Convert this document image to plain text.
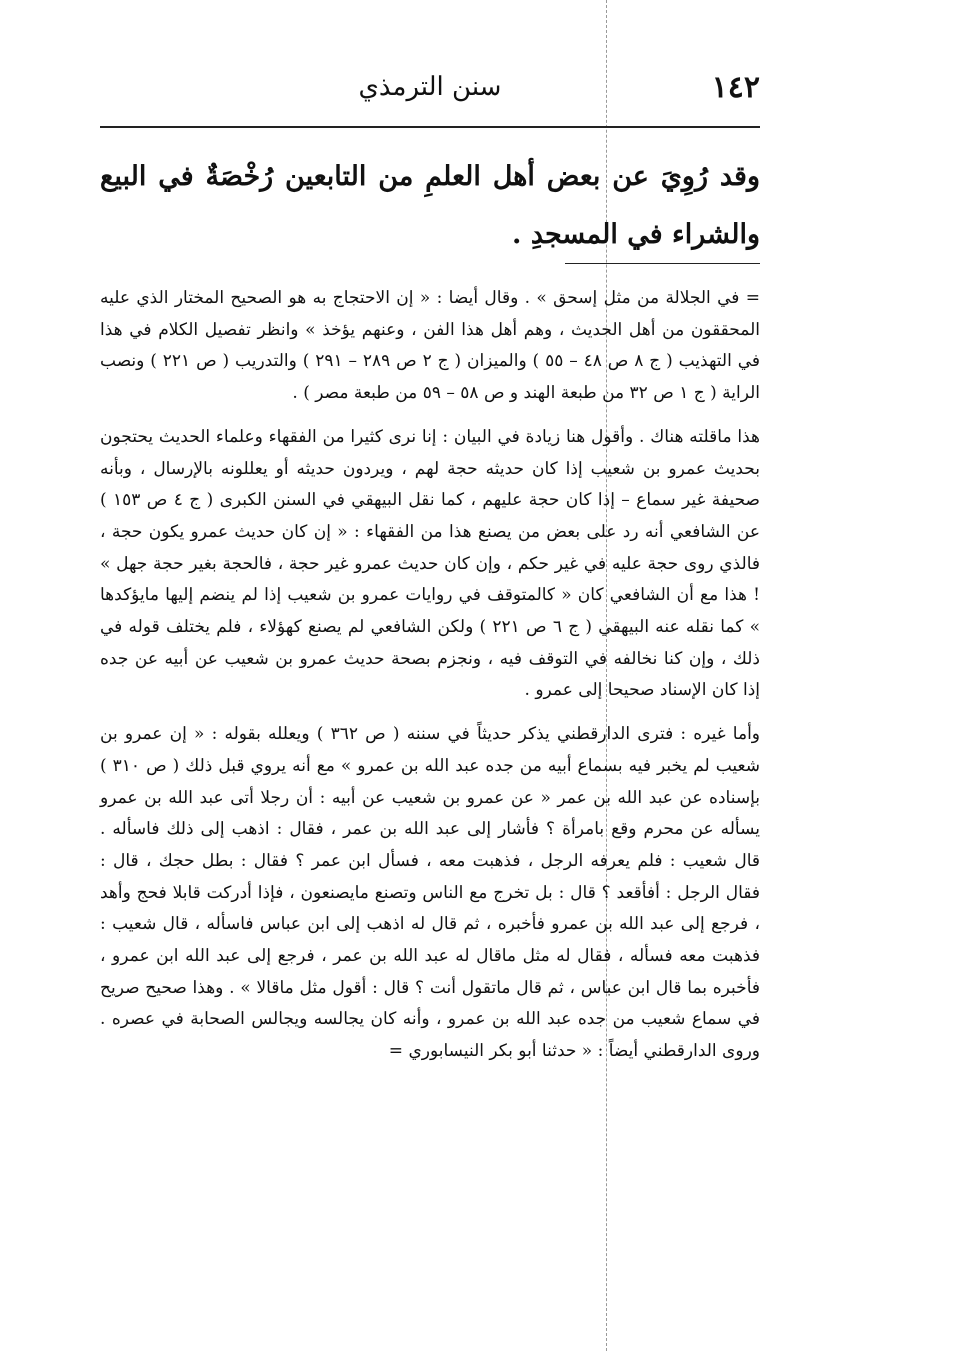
١٤٢
سنن الترمذي

وقد رُوِيَ عن بعض أهل العلمِ من التابعين رُخْصَةٌ في البيع والشراء في المسجدِ .

= في الجلالة من مثل إسحق » . وقال أيضا : « إن الاحتجاج به هو الصحيح المختار الذي عليه المحققون من أهل الحديث ، وهم أهل هذا الفن ، وعنهم يؤخذ » وانظر تفصيل الكلام في هذا في التهذيب ( ج ٨ ص ٤٨ – ٥٥ ) والميزان ( ج ٢ ص ٢٨٩ – ٢٩١ ) والتدريب ( ص ٢٢١ ) ونصب الراية ( ج ١ ص ٣٢ من طبعة الهند و ص ٥٨ – ٥٩ من طبعة مصر ) .

هذا ماقلته هناك . وأقول هنا زيادة في البيان : إنا نرى كثيرا من الفقهاء وعلماء الحديث يحتجون بحديث عمرو بن شعيب إذا كان حديثه حجة لهم ، ويردون حديثه أو يعللونه بالإرسال ، وبأنه صحيفة غير سماع – إذا كان حجة عليهم ، كما نقل البيهقي في السنن الكبرى ( ج ٤ ص ١٥٣ ) عن الشافعي أنه رد على بعض من يصنع هذا من الفقهاء : « إن كان حديث عمرو يكون حجة ، فالذي روى حجة عليه في غير حكم ، وإن كان حديث عمرو غير حجة ، فالحجة بغير حجة جهل » ! هذا مع أن الشافعي كان « كالمتوقف في روايات عمرو بن شعيب إذا لم ينضم إليها مايؤكدها » كما نقله عنه البيهقي ( ج ٦ ص ٢٢١ ) ولكن الشافعي لم يصنع كهؤلاء ، فلم يختلف قوله في ذلك ، وإن كنا نخالفه في التوقف فيه ، ونجزم بصحة حديث عمرو بن شعيب عن أبيه عن جده إذا كان الإسناد صحيحا إلى عمرو .

وأما غيره : فترى الدارقطني يذكر حديثاً في سننه ( ص ٣٦٢ ) ويعلله بقوله : « إن عمرو بن شعيب لم يخبر فيه بسماع أبيه من جده عبد الله بن عمرو » مع أنه يروي قبل ذلك ( ص ٣١٠ ) بإسناده عن عبد الله بن عمر « عن عمرو بن شعيب عن أبيه : أن رجلا أتى عبد الله بن عمرو يسأله عن محرم وقع بامرأة ؟ فأشار إلى عبد الله بن عمر ، فقال : اذهب إلى ذلك فاسأله . قال شعيب : فلم يعرفه الرجل ، فذهبت معه ، فسأل ابن عمر ؟ فقال : بطل حجك ، قال : فقال الرجل : أفأقعد ؟ قال : بل تخرج مع الناس وتصنع مايصنعون ، فإذا أدركت قابلا فحج وأهد ، فرجع إلى عبد الله بن عمرو فأخبره ، ثم قال له اذهب إلى ابن عباس فاسأله ، قال شعيب : فذهبت معه فسأله ، فقال له مثل ماقال له عبد الله بن عمر ، فرجع إلى عبد الله ابن عمرو ، فأخبره بما قال ابن عباس ، ثم قال ماتقول أنت ؟ قال : أقول مثل ماقالا » . وهذا صحيح صريح في سماع شعيب من جده عبد الله بن عمرو ، وأنه كان يجالسه ويجالس الصحابة في عصره . وروى الدارقطني أيضاً : « حدثنا أبو بكر النيسابوري =
